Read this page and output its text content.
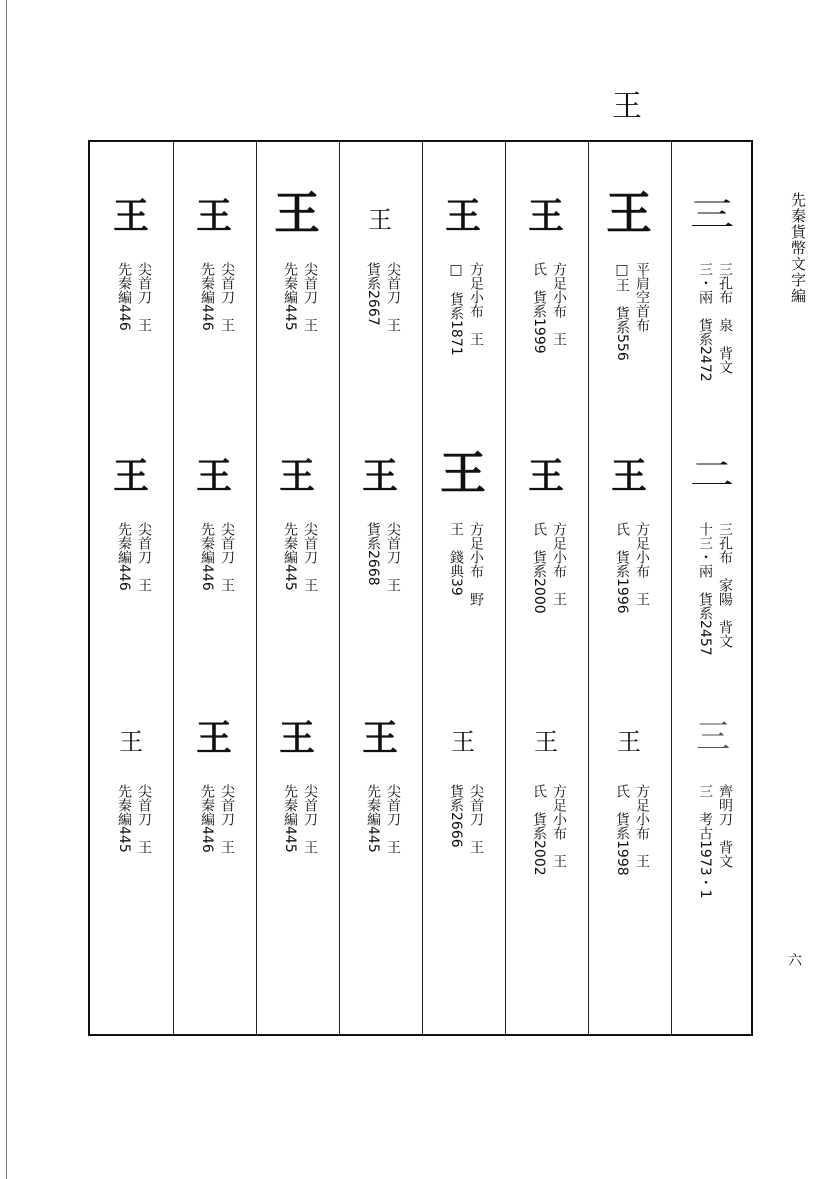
王
先秦貨幣文字編
六
三
三孔布　泉　背文
三・兩　貨系2472
二
三孔布　家陽　背文
十三・兩　貨系2457
三
齊明刀　背文
三　考古1973・1
王
平肩空首布
□王　貨系556
王
方足小布　王
氏　貨系1996
王
方足小布　王
氏　貨系1998
王
方足小布　王
氏　貨系1999
王
方足小布　王
氏　貨系2000
王
方足小布　王
氏　貨系2002
王
方足小布　王
□　貨系1871
王
方足小布　野
王　錢典39
王
尖首刀　王
貨系2666
王
尖首刀　王
貨系2667
王
尖首刀　王
貨系2668
王
尖首刀　王
先秦編445
王
尖首刀　王
先秦編445
王
尖首刀　王
先秦編445
王
尖首刀　王
先秦編445
王
尖首刀　王
先秦編446
王
尖首刀　王
先秦編446
王
尖首刀　王
先秦編446
王
尖首刀　王
先秦編446
王
尖首刀　王
先秦編446
王
尖首刀　王
先秦編445
